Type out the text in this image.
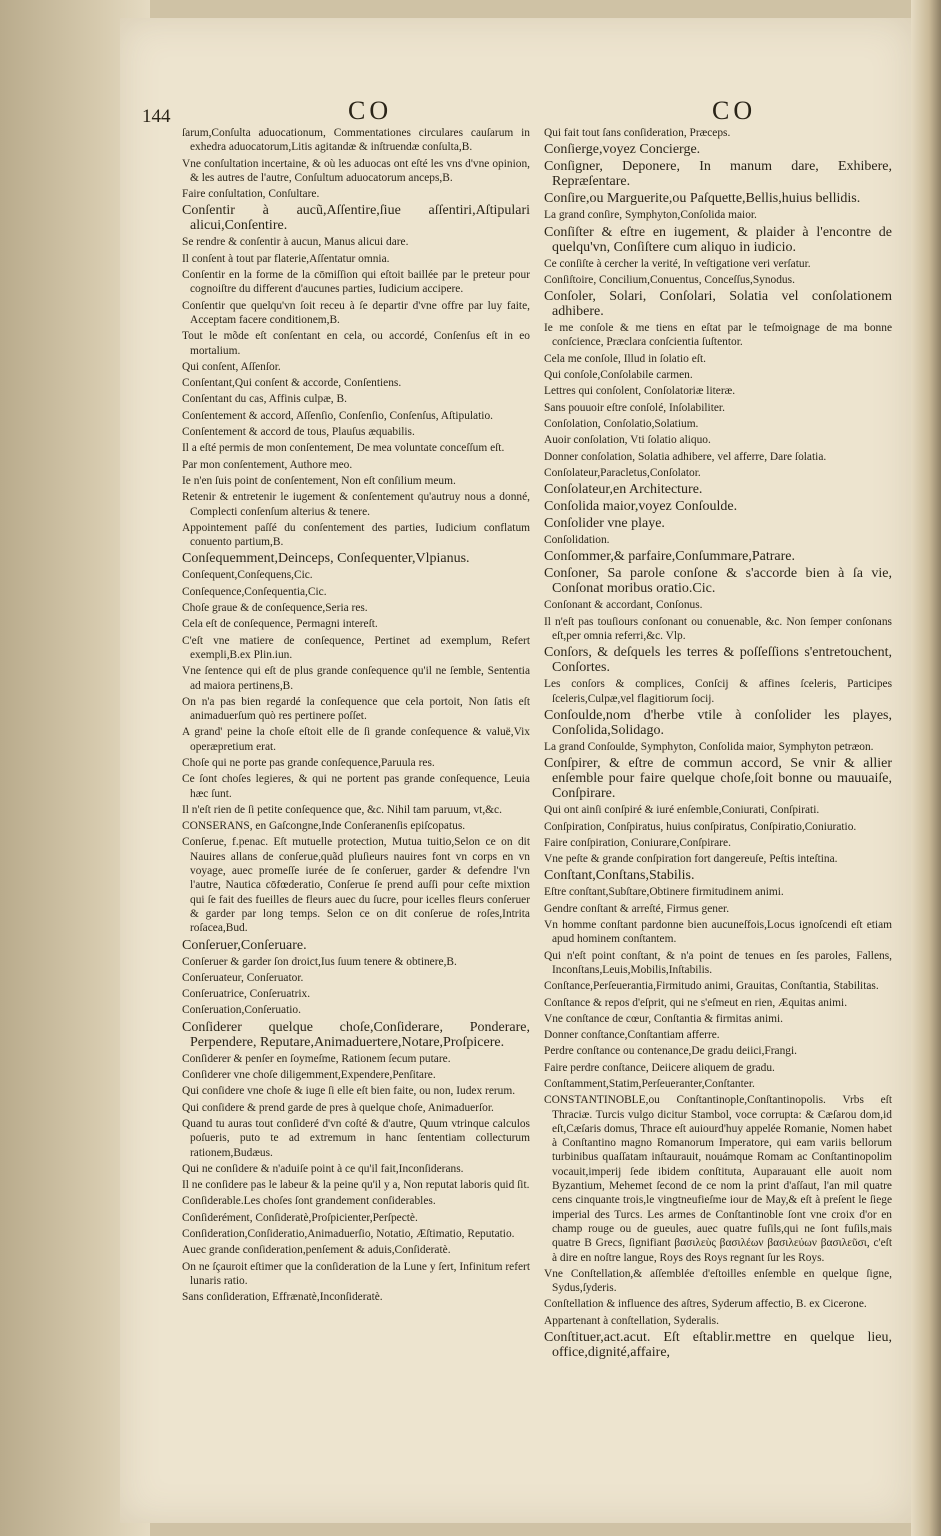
144	CO	CO

ſarum,Conſulta aduocationum, Commentationes circulares cauſarum in exhedra aduocatorum,Litis agitandæ & inſtruendæ conſulta,B.

Vne conſultation incertaine, & où les aduocas ont eſté les vns d'vne opinion, & les autres de l'autre, Conſultum aduocatorum anceps,B.

Faire conſultation, Conſultare.

Conſentir à aucũ,Aſſentire,ſiue aſſentiri,Aſtipulari alicui,Conſentire.

Se rendre & conſentir à aucun, Manus alicui dare.

Il conſent à tout par flaterie,Aſſentatur omnia.

Conſentir en la forme de la cōmiſſion qui eſtoit baillée par le preteur pour cognoiſtre du different d'aucunes parties, Iudicium accipere.

Conſentir que quelqu'vn ſoit receu à ſe departir d'vne offre par luy faite, Acceptam facere conditionem,B.

Tout le mõde eſt conſentant en cela, ou accordé, Conſenſus eſt in eo mortalium.

Qui conſent, Aſſenſor.

Conſentant,Qui conſent & accorde, Conſentiens.

Conſentant du cas, Affinis culpæ, B.

Conſentement & accord, Aſſenſio, Conſenſio, Conſenſus, Aſtipulatio.

Conſentement & accord de tous, Plauſus æquabilis.

Il a eſté permis de mon conſentement, De mea voluntate conceſſum eſt.

Par mon conſentement, Authore meo.

Ie n'en ſuis point de conſentement, Non eſt conſilium meum.

Retenir & entretenir le iugement & conſentement qu'autruy nous a donné, Complecti conſenſum alterius & tenere.

Appointement paſſé du conſentement des parties, Iudicium conflatum conuento partium,B.

Conſequemment,Deinceps, Conſequenter,Vlpianus.

Conſequent,Conſequens,Cic.

Conſequence,Conſequentia,Cic.

Choſe graue & de conſequence,Seria res.

Cela eſt de conſequence, Permagni intereſt.

C'eſt vne matiere de conſequence, Pertinet ad exemplum, Refert exempli,B.ex Plin.iun.

Vne ſentence qui eſt de plus grande conſequence qu'il ne ſemble, Sententia ad maiora pertinens,B.

On n'a pas bien regardé la conſequence que cela portoit, Non ſatis eſt animaduerſum quò res pertinere poſſet.

A grand' peine la choſe eſtoit elle de ſi grande conſequence & valuë,Vix operæpretium erat.

Choſe qui ne porte pas grande conſequence,Paruula res.

Ce ſont choſes legieres, & qui ne portent pas grande conſequence, Leuia hæc ſunt.

Il n'eſt rien de ſi petite conſequence que, &c. Nihil tam paruum, vt,&c.

CONSERANS, en Gaſcongne,Inde Conſeranenſis epiſcopatus.

Conſerue, f.penac. Eſt mutuelle protection, Mutua tuitio,Selon ce on dit Nauires allans de conſerue,quãd pluſieurs nauires font vn corps en vn voyage, auec promeſſe iurée de ſe conſeruer, garder & defendre l'vn l'autre, Nautica cōfœderatio, Conſerue ſe prend auſſi pour ceſte mixtion qui ſe fait des fueilles de fleurs auec du ſucre, pour icelles fleurs conſeruer & garder par long temps. Selon ce on dit conſerue de roſes,Intrita roſacea,Bud.

Conſeruer,Conſeruare.

Conſeruer & garder ſon droict,Ius ſuum tenere & obtinere,B.

Conſeruateur, Conſeruator.

Conſeruatrice, Conſeruatrix.

Conſeruation,Conſeruatio.

Conſiderer quelque choſe,Conſiderare, Ponderare, Perpendere, Reputare,Animaduertere,Notare,Proſpicere.

Conſiderer & penſer en ſoymeſme, Rationem ſecum putare.

Conſiderer vne choſe diligemment,Expendere,Penſitare.

Qui conſidere vne choſe & iuge ſi elle eſt bien faite, ou non, Iudex rerum.

Qui conſidere & prend garde de pres à quelque choſe, Animaduerſor.

Quand tu auras tout conſideré d'vn coſté & d'autre, Quum vtrinque calculos poſueris, puto te ad extremum in hanc ſententiam collecturum rationem,Budæus.

Qui ne conſidere & n'aduiſe point à ce qu'il fait,Inconſiderans.

Il ne conſidere pas le labeur & la peine qu'il y a, Non reputat laboris quid ſit.

Conſiderable.Les choſes ſont grandement conſiderables.

Conſiderément, Conſideratè,Proſpicienter,Perſpectè.

Conſideration,Conſideratio,Animaduerſio, Notatio, Æſtimatio, Reputatio.

Auec grande conſideration,penſement & aduis,Conſideratè.

On ne ſçauroit eſtimer que la conſideration de la Lune y ſert, Infinitum refert lunaris ratio.

Sans conſideration, Effrænatè,Inconſideratè.

Qui fait tout ſans conſideration, Præceps.

Conſierge,voyez Concierge.

Conſigner, Deponere, In manum dare, Exhibere, Repræſentare.

Conſire,ou Marguerite,ou Paſquette,Bellis,huius bellidis.

La grand conſire, Symphyton,Conſolida maior.

Conſiſter & eſtre en iugement, & plaider à l'encontre de quelqu'vn, Conſiſtere cum aliquo in iudicio.

Ce conſiſte à cercher la verité, In veſtigatione veri verſatur.

Conſiſtoire, Concilium,Conuentus, Conceſſus,Synodus.

Conſoler, Solari, Conſolari, Solatia vel conſolationem adhibere.

Ie me conſole & me tiens en eſtat par le teſmoignage de ma bonne conſcience, Præclara conſcientia ſuſtentor.

Cela me conſole, Illud in ſolatio eſt.

Qui conſole,Conſolabile carmen.

Lettres qui conſolent, Conſolatoriæ literæ.

Sans pouuoir eſtre conſolé, Inſolabiliter.

Conſolation, Conſolatio,Solatium.

Auoir conſolation, Vti ſolatio aliquo.

Donner conſolation, Solatia adhibere, vel afferre, Dare ſolatia.

Conſolateur,Paracletus,Conſolator.

Conſolateur,en Architecture.

Conſolida maior,voyez Conſoulde.

Conſolider vne playe.

Conſolidation.

Conſommer,& parfaire,Conſummare,Patrare.

Conſoner, Sa parole conſone & s'accorde bien à ſa vie, Conſonat moribus oratio.Cic.

Conſonant & accordant, Conſonus.

Il n'eſt pas touſiours conſonant ou conuenable, &c. Non ſemper conſonans eſt,per omnia referri,&c. Vlp.

Conſors, & deſquels les terres & poſſeſſions s'entretouchent, Conſortes.

Les conſors & complices, Conſcij & affines ſceleris, Participes ſceleris,Culpæ,vel flagitiorum ſocij.

Conſoulde,nom d'herbe vtile à conſolider les playes, Conſolida,Solidago.

La grand Conſoulde, Symphyton, Conſolida maior, Symphyton petræon.

Conſpirer, & eſtre de commun accord, Se vnir & allier enſemble pour faire quelque choſe,ſoit bonne ou mauuaiſe, Conſpirare.

Qui ont ainſi conſpiré & iuré enſemble,Coniurati, Conſpirati.

Conſpiration, Conſpiratus, huius conſpiratus, Conſpiratio,Coniuratio.

Faire conſpiration, Coniurare,Conſpirare.

Vne peſte & grande conſpiration fort dangereuſe, Peſtis inteſtina.

Conſtant,Conſtans,Stabilis.

Eſtre conſtant,Subſtare,Obtinere firmitudinem animi.

Gendre conſtant & arreſté, Firmus gener.

Vn homme conſtant pardonne bien aucuneſfois,Locus ignoſcendi eſt etiam apud hominem conſtantem.

Qui n'eſt point conſtant, & n'a point de tenues en ſes paroles, Fallens, Inconſtans,Leuis,Mobilis,Inſtabilis.

Conſtance,Perſeuerantia,Firmitudo animi, Grauitas, Conſtantia, Stabilitas.

Conſtance & repos d'eſprit, qui ne s'eſmeut en rien, Æquitas animi.

Vne conſtance de cœur, Conſtantia & firmitas animi.

Donner conſtance,Conſtantiam afferre.

Perdre conſtance ou contenance,De gradu deiici,Frangi.

Faire perdre conſtance, Deiicere aliquem de gradu.

Conſtamment,Statim,Perſeueranter,Conſtanter.

CONSTANTINOBLE,ou Conſtantinople,Conſtantinopolis. Vrbs eſt Thraciæ. Turcis vulgo dicitur Stambol, voce corrupta: & Cæſarou dom,id eſt,Cæſaris domus, Thrace eſt auiourd'huy appelée Romanie, Nomen habet à Conſtantino magno Romanorum Imperatore, qui eam variis bellorum turbinibus quaſſatam inſtaurauit, nouámque Romam ac Conſtantinopolim vocauit,imperij ſede ibidem conſtituta, Auparauant elle auoit nom Byzantium, Mehemet ſecond de ce nom la print d'aſſaut, l'an mil quatre cens cinquante trois,le vingtneufieſme iour de May,& eſt à preſent le ſiege imperial des Turcs. Les armes de Conſtantinoble ſont vne croix d'or en champ rouge ou de gueules, auec quatre fuſils,qui ne ſont fuſils,mais quatre B Grecs, ſignifiant βασιλεὺς βασιλέων βασιλεύων βασιλεῦσι, c'eſt à dire en noſtre langue, Roys des Roys regnant ſur les Roys.

Vne Conſtellation,& aſſemblée d'eſtoilles enſemble en quelque ſigne, Sydus,ſyderis.

Conſtellation & influence des aſtres, Syderum affectio, B. ex Cicerone.

Appartenant à conſtellation, Syderalis.

Conſtituer,act.acut. Eſt eſtablir.mettre en quelque lieu, office,dignité,affaire,
